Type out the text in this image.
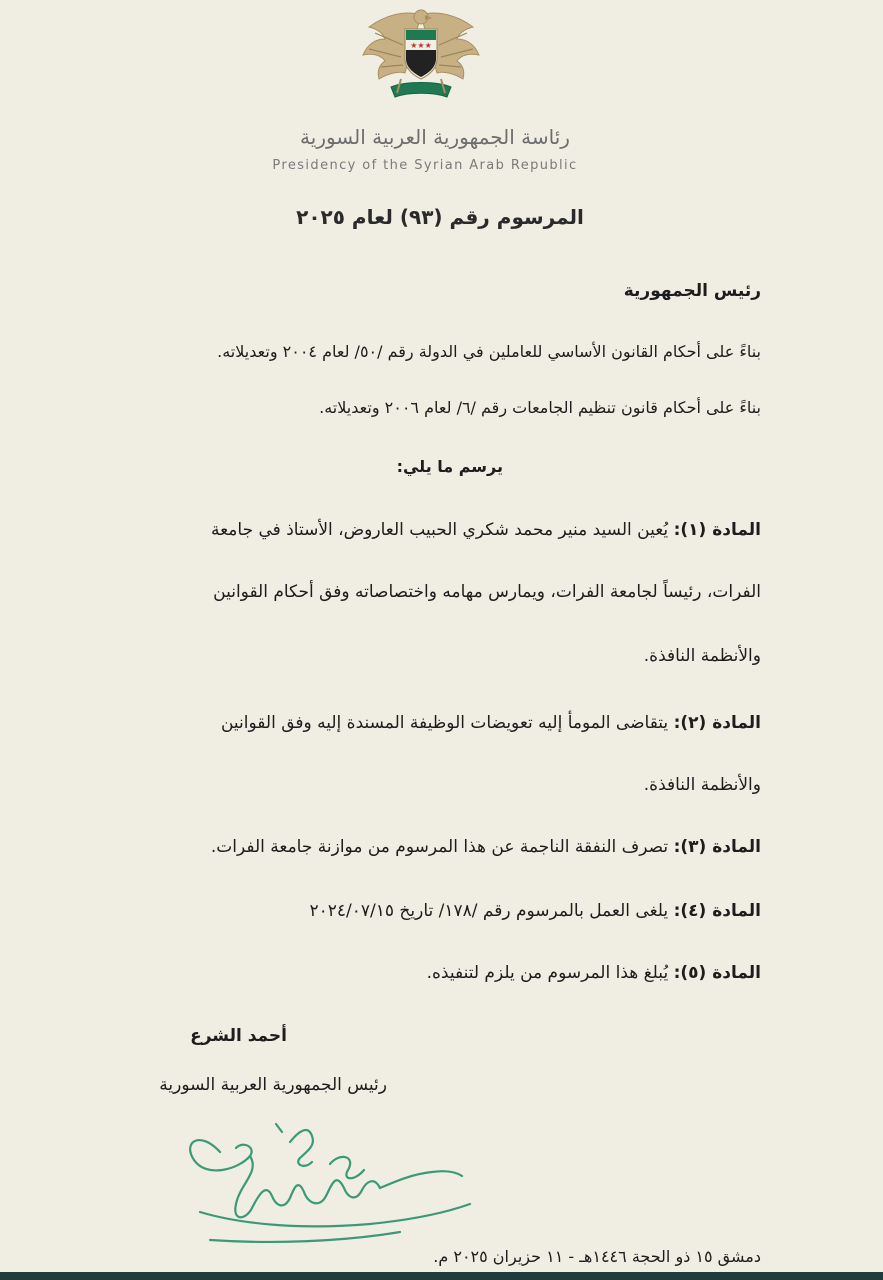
★★★
رئاسة الجمهورية العربية السورية
Presidency of the Syrian Arab Republic
المرسوم رقم (٩٣) لعام ٢٠٢٥
رئيس الجمهورية
بناءً على أحكام القانون الأساسي للعاملين في الدولة رقم /٥٠/ لعام ٢٠٠٤ وتعديلاته.
بناءً على أحكام قانون تنظيم الجامعات رقم /٦/ لعام ٢٠٠٦ وتعديلاته.
يرسم ما يلي:
المادة (١): يُعين السيد منير محمد شكري الحبيب العاروض، الأستاذ في جامعة
الفرات، رئيساً لجامعة الفرات، ويمارس مهامه واختصاصاته وفق أحكام القوانين
والأنظمة النافذة.
المادة (٢): يتقاضى المومأ إليه تعويضات الوظيفة المسندة إليه وفق القوانين
والأنظمة النافذة.
المادة (٣): تصرف النفقة الناجمة عن هذا المرسوم من موازنة جامعة الفرات.
المادة (٤): يلغى العمل بالمرسوم رقم /١٧٨/ تاريخ ٢٠٢٤/٠٧/١٥
المادة (٥): يُبلغ هذا المرسوم من يلزم لتنفيذه.
أحمد الشرع
رئيس الجمهورية العربية السورية
دمشق ١٥ ذو الحجة ١٤٤٦هـ - ١١ حزيران ٢٠٢٥ م.
